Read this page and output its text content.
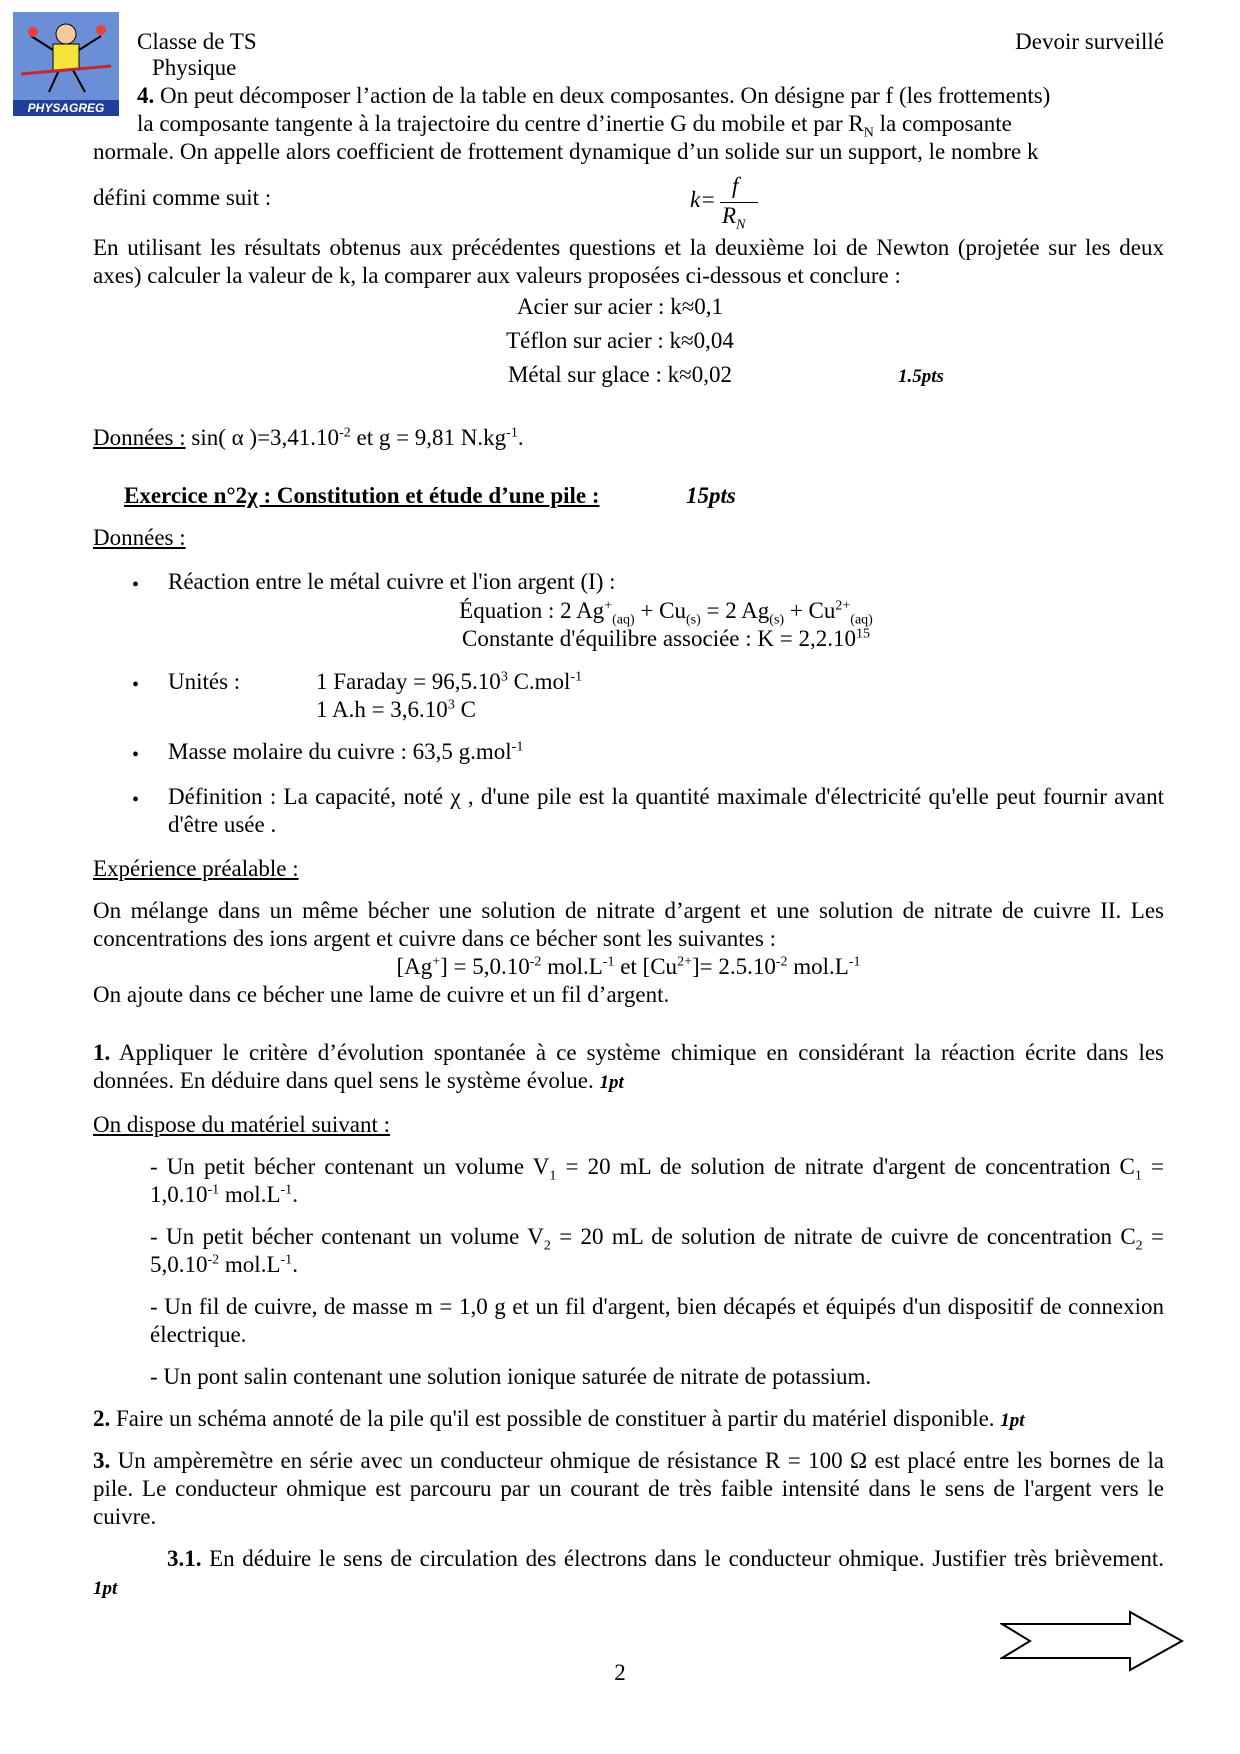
PHYSAGREG
Classe de TS
Physique
Devoir surveillé

4. On peut décomposer l’action de la table en deux composantes. On désigne par f (les frottements)

la composante tangente à la trajectoire du centre d’inertie G du mobile et par $R_N$ la composante

normale. On appelle alors coefficient de frottement dynamique d’un solide sur un support, le nombre k

défini comme suit :	k=
f
$R_N$

En utilisant les résultats obtenus aux précédentes questions et la deuxième loi de Newton (projetée sur les deux axes) calculer la valeur de k, la comparer aux valeurs proposées ci-dessous et conclure :

Acier sur acier : k≈0,1

Téflon sur acier : k≈0,04

Métal sur glace : k≈0,02	1.5pts

Données : sin( α )$=3,41.10^{-2}$ et g = 9,81 $N.kg^{-1}$.

Exercice n°2χ : Constitution et étude d’une pile :	15pts

Données :

• Réaction entre le métal cuivre et l'ion argent (I) :

Équation : 2 $Ag^+_{(aq)} + Cu_{(s)} = 2$ $Ag_{(s)} + Cu^{2+}_{(aq)}$

Constante d'équilibre associée : $K = 2,2.10^{15}$

• Unités :	1 Faraday = $96,5.10^3$ C.mol$^{-1}$

1 $A.h = 3,6.10^3$ C

• Masse molaire du cuivre : 63,5 g.mol$^{-1}$

• Définition : La capacité, noté χ , d'une pile est la quantité maximale d'électricité qu'elle peut fournir avant d'être usée .

Expérience préalable :

On mélange dans un même bécher une solution de nitrate d’argent et une solution de nitrate de cuivre II. Les concentrations des ions argent et cuivre dans ce bécher sont les suivantes :

$[Ag^+] = 5,0.10^{-2}$ $mol.L^{-1}$ et $[Cu^{2+}]= 2.5.10^{-2}$ $mol.L^{-1}$

On ajoute dans ce bécher une lame de cuivre et un fil d’argent.

1. Appliquer le critère d’évolution spontanée à ce système chimique en considérant la réaction écrite dans les données. En déduire dans quel sens le système évolue. 1pt

On dispose du matériel suivant :

- Un petit bécher contenant un volume $V_1 = 20$ mL de solution de nitrate d'argent de concentration $C_1 = 1,0.10^{-1}$ $mol.L^{-1}$.

- Un petit bécher contenant un volume $V_2 = 20$ mL de solution de nitrate de cuivre de concentration $C_2 = 5,0.10^{-2}$ $mol.L^{-1}$.

- Un fil de cuivre, de masse m = 1,0 g et un fil d'argent, bien décapés et équipés d'un dispositif de connexion électrique.

- Un pont salin contenant une solution ionique saturée de nitrate de potassium.

2. Faire un schéma annoté de la pile qu'il est possible de constituer à partir du matériel disponible. 1pt

3. Un ampèremètre en série avec un conducteur ohmique de résistance R = 100 Ω est placé entre les bornes de la pile. Le conducteur ohmique est parcouru par un courant de très faible intensité dans le sens de l'argent vers le cuivre.

3.1. En déduire le sens de circulation des électrons dans le conducteur ohmique. Justifier très brièvement. 1pt

2
